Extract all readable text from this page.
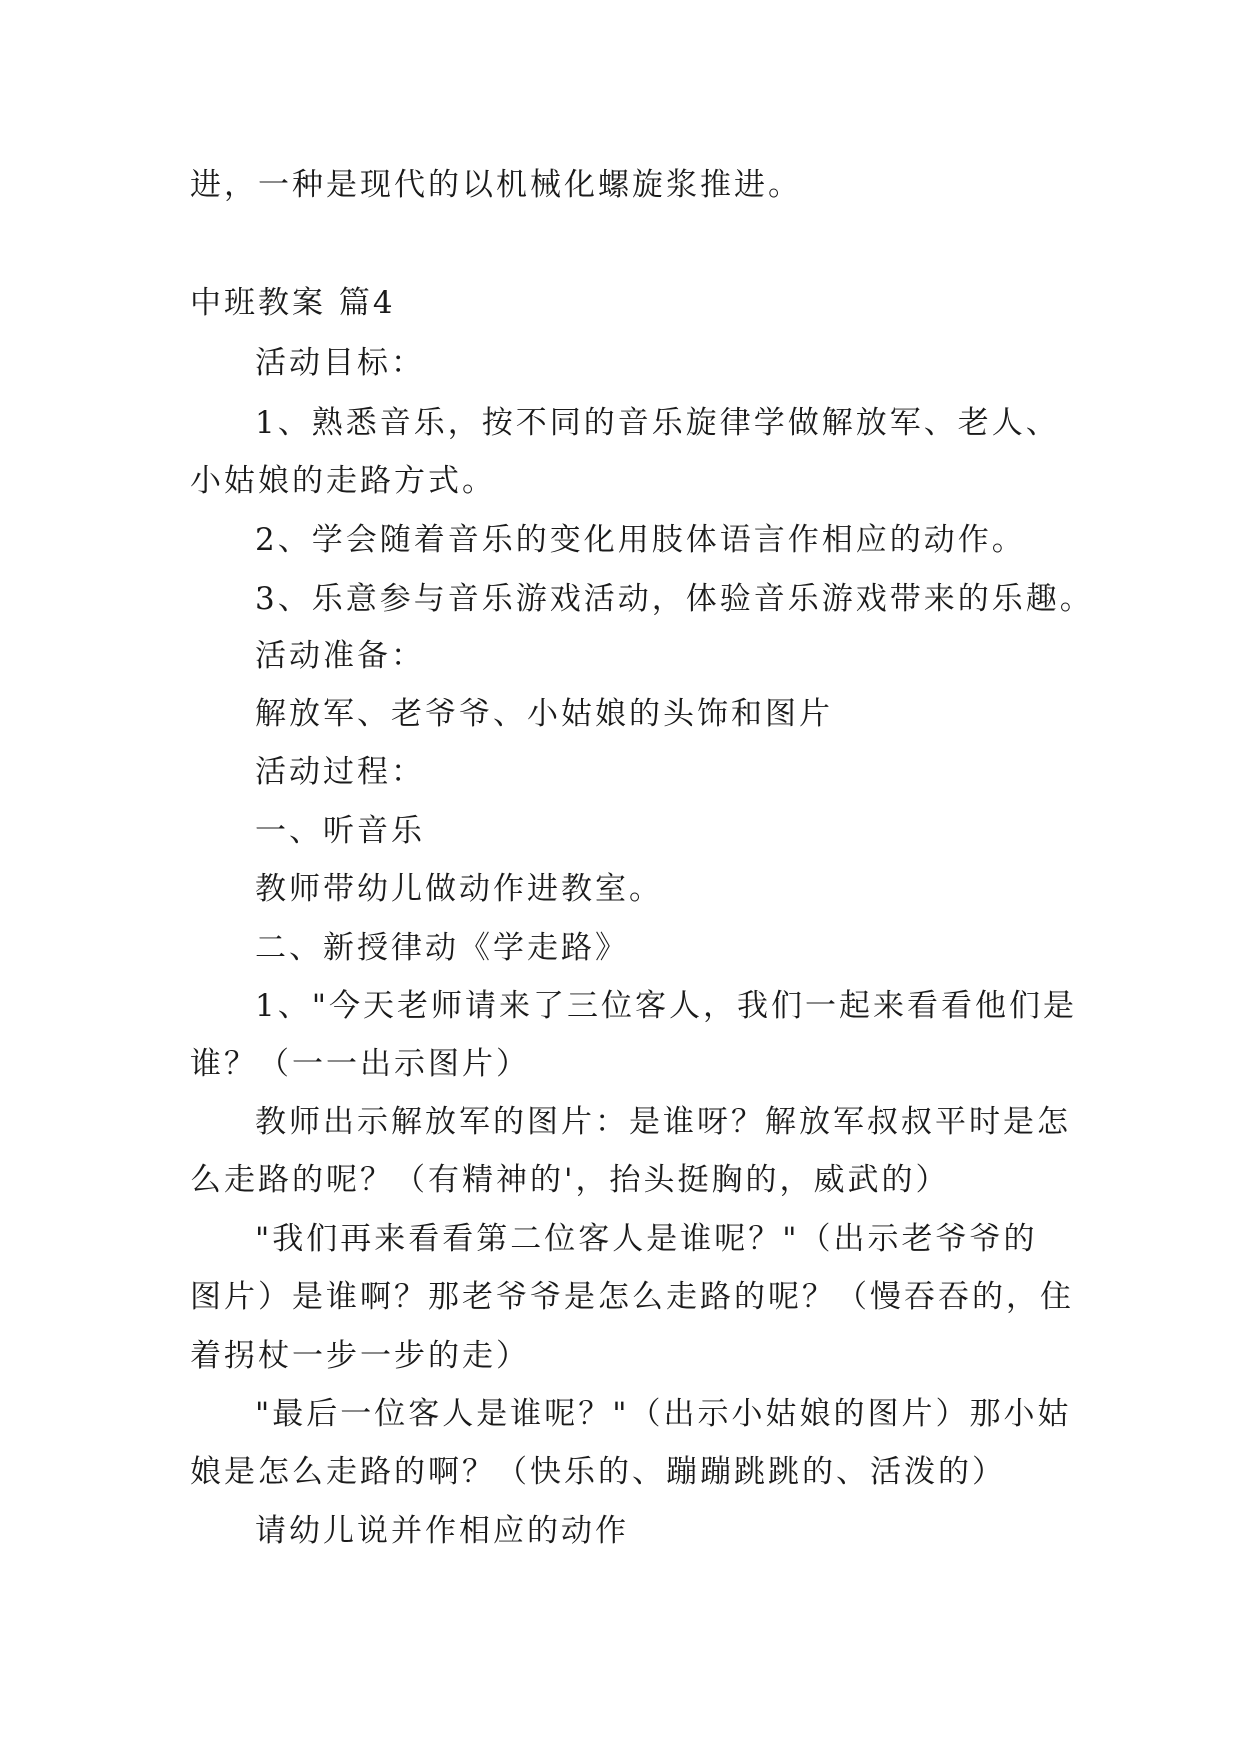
进，一种是现代的以机械化螺旋浆推进。
中班教案 篇4
活动目标：
1、熟悉音乐，按不同的音乐旋律学做解放军、老人、
小姑娘的走路方式。
2、学会随着音乐的变化用肢体语言作相应的动作。
3、乐意参与音乐游戏活动，体验音乐游戏带来的乐趣。
活动准备：
解放军、老爷爷、小姑娘的头饰和图片
活动过程：
一、听音乐
教师带幼儿做动作进教室。
二、新授律动《学走路》
1、"今天老师请来了三位客人，我们一起来看看他们是
谁？（一一出示图片）
教师出示解放军的图片：是谁呀？解放军叔叔平时是怎
么走路的呢？（有精神的'，抬头挺胸的，威武的）
"我们再来看看第二位客人是谁呢？"（出示老爷爷的
图片）是谁啊？那老爷爷是怎么走路的呢？（慢吞吞的，住
着拐杖一步一步的走）
"最后一位客人是谁呢？"（出示小姑娘的图片）那小姑
娘是怎么走路的啊？（快乐的、蹦蹦跳跳的、活泼的）
请幼儿说并作相应的动作
